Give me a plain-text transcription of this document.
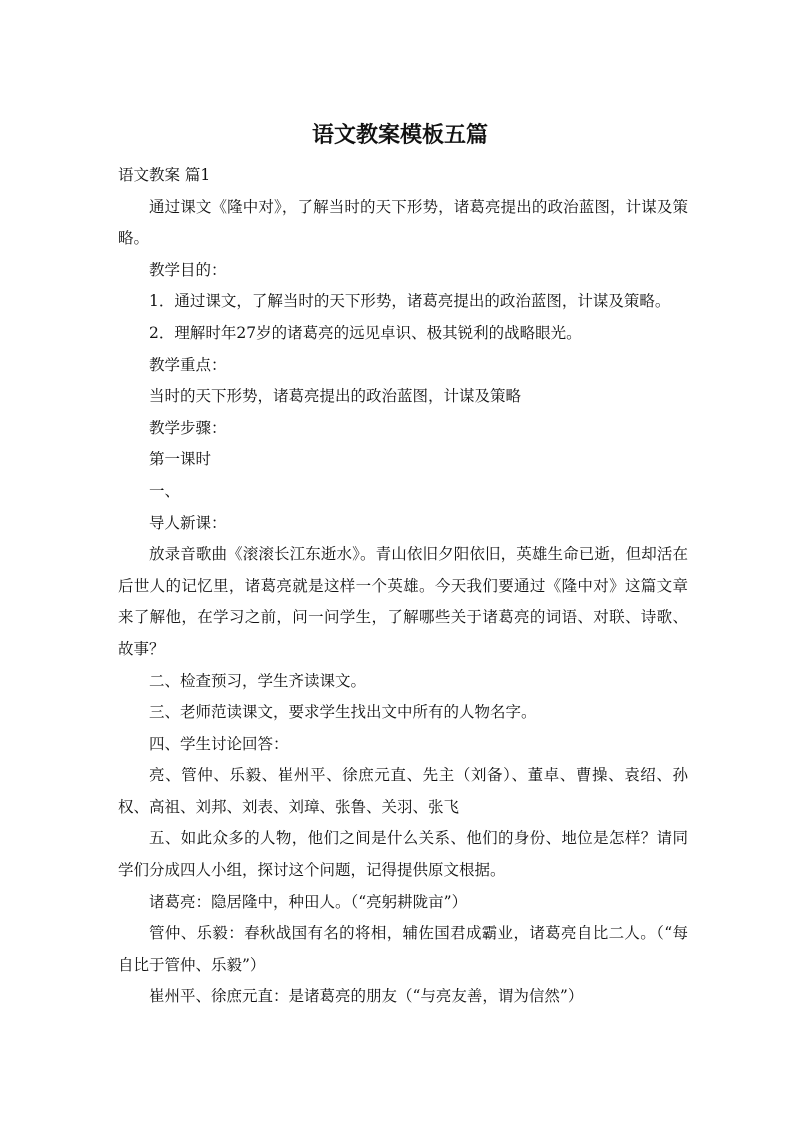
语文教案模板五篇

语文教案 篇1

通过课文《隆中对》，了解当时的天下形势，诸葛亮提出的政治蓝图，计谋及策略。

教学目的：

1．通过课文，了解当时的天下形势，诸葛亮提出的政治蓝图，计谋及策略。

2．理解时年27岁的诸葛亮的远见卓识、极其锐利的战略眼光。

教学重点：

当时的天下形势，诸葛亮提出的政治蓝图，计谋及策略

教学步骤：

第一课时

一、

导人新课：

放录音歌曲《滚滚长江东逝水》。青山依旧夕阳依旧，英雄生命已逝，但却活在后世人的记忆里，诸葛亮就是这样一个英雄。今天我们要通过《隆中对》这篇文章来了解他，在学习之前，问一问学生，了解哪些关于诸葛亮的词语、对联、诗歌、故事？

二、检查预习，学生齐读课文。

三、老师范读课文，要求学生找出文中所有的人物名字。

四、学生讨论回答：

亮、管仲、乐毅、崔州平、徐庶元直、先主（刘备）、董卓、曹操、袁绍、孙权、高祖、刘邦、刘表、刘璋、张鲁、关羽、张飞

五、如此众多的人物，他们之间是什么关系、他们的身份、地位是怎样？请同学们分成四人小组，探讨这个问题，记得提供原文根据。

诸葛亮：隐居隆中，种田人。（“亮躬耕陇亩”）

管仲、乐毅：春秋战国有名的将相，辅佐国君成霸业，诸葛亮自比二人。（“每自比于管仲、乐毅”）

崔州平、徐庶元直：是诸葛亮的朋友（“与亮友善，谓为信然”）
